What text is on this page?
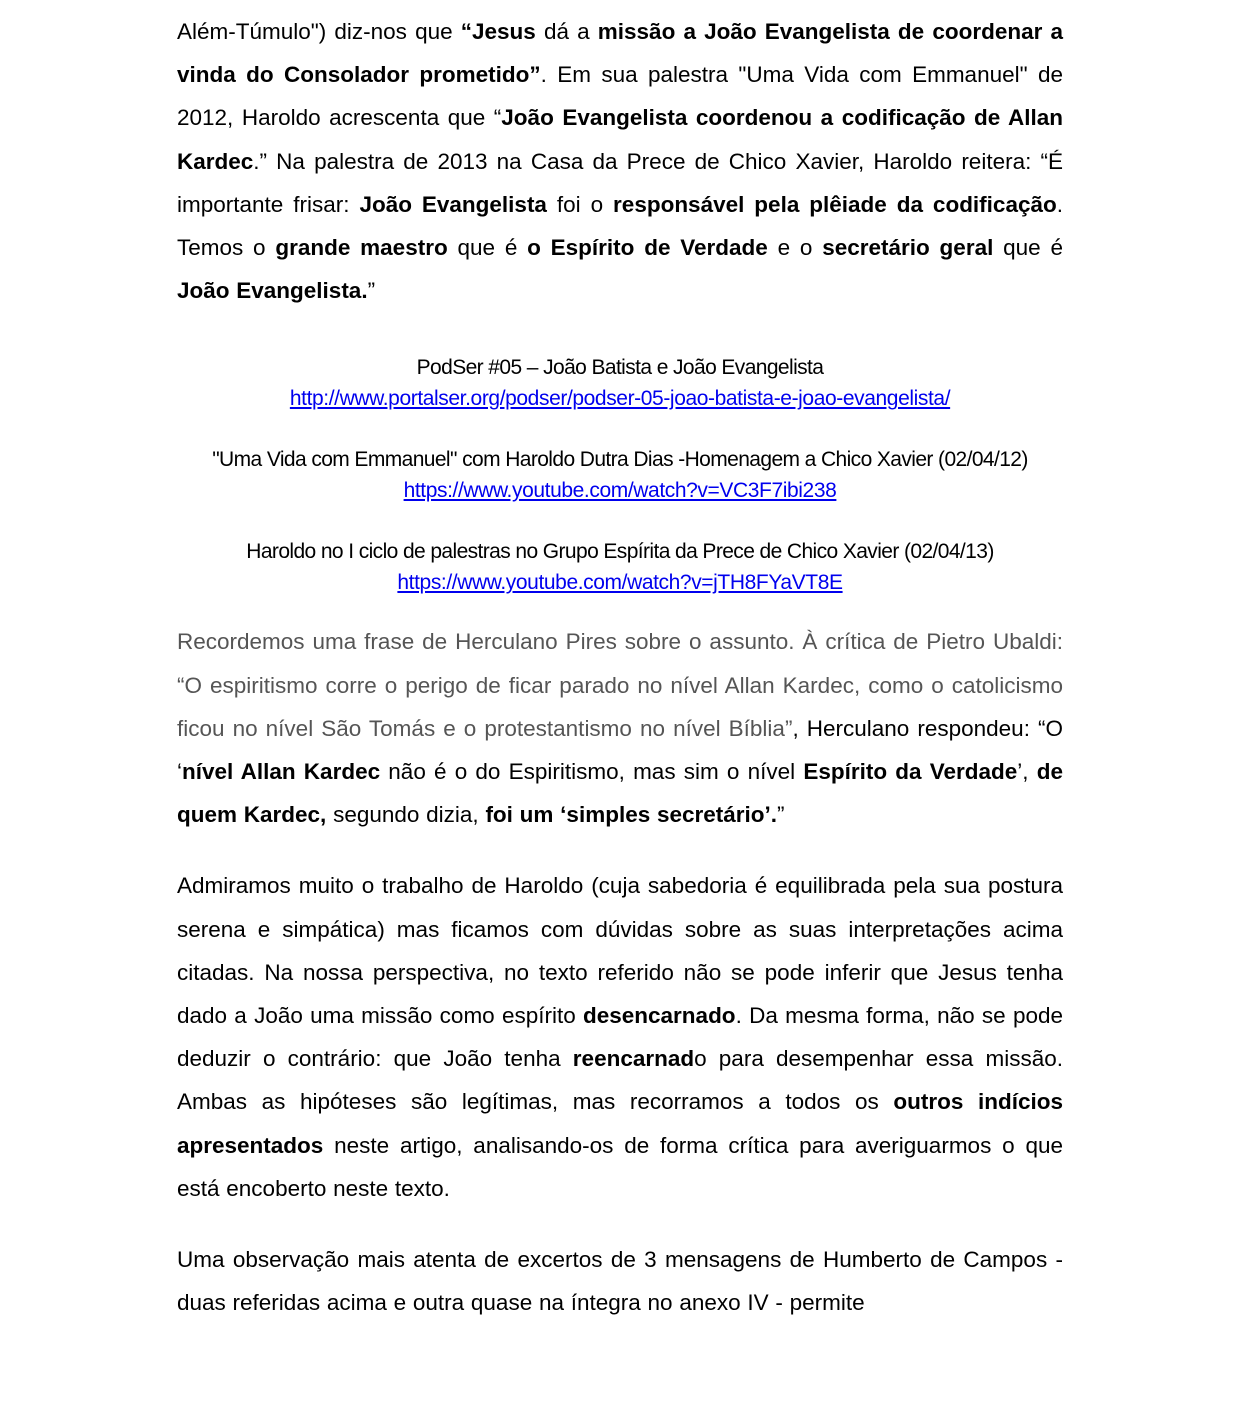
Além-Túmulo") diz-nos que “Jesus dá a missão a João Evangelista de coordenar a vinda do Consolador prometido”. Em sua palestra "Uma Vida com Emmanuel" de 2012, Haroldo acrescenta que “João Evangelista coordenou a codificação de Allan Kardec.” Na palestra de 2013 na Casa da Prece de Chico Xavier, Haroldo reitera: “É importante frisar: João Evangelista foi o responsável pela plêiade da codificação. Temos o grande maestro que é o Espírito de Verdade e o secretário geral que é João Evangelista.”

PodSer #05 – João Batista e João Evangelista
http://www.portalser.org/podser/podser-05-joao-batista-e-joao-evangelista/

"Uma Vida com Emmanuel" com Haroldo Dutra Dias -Homenagem a Chico Xavier (02/04/12)
https://www.youtube.com/watch?v=VC3F7ibi238

Haroldo no I ciclo de palestras no Grupo Espírita da Prece de Chico Xavier (02/04/13)
https://www.youtube.com/watch?v=jTH8FYaVT8E

Recordemos uma frase de Herculano Pires sobre o assunto. À crítica de Pietro Ubaldi: “O espiritismo corre o perigo de ficar parado no nível Allan Kardec, como o catolicismo ficou no nível São Tomás e o protestantismo no nível Bíblia”, Herculano respondeu: “O ‘nível Allan Kardec não é o do Espiritismo, mas sim o nível Espírito da Verdade’, de quem Kardec, segundo dizia, foi um ‘simples secretário’.”

Admiramos muito o trabalho de Haroldo (cuja sabedoria é equilibrada pela sua postura serena e simpática) mas ficamos com dúvidas sobre as suas interpretações acima citadas. Na nossa perspectiva, no texto referido não se pode inferir que Jesus tenha dado a João uma missão como espírito desencarnado. Da mesma forma, não se pode deduzir o contrário: que João tenha reencarnado para desempenhar essa missão. Ambas as hipóteses são legítimas, mas recorramos a todos os outros indícios apresentados neste artigo, analisando-os de forma crítica para averiguarmos o que está encoberto neste texto.

Uma observação mais atenta de excertos de 3 mensagens de Humberto de Campos - duas referidas acima e outra quase na íntegra no anexo IV - permite
